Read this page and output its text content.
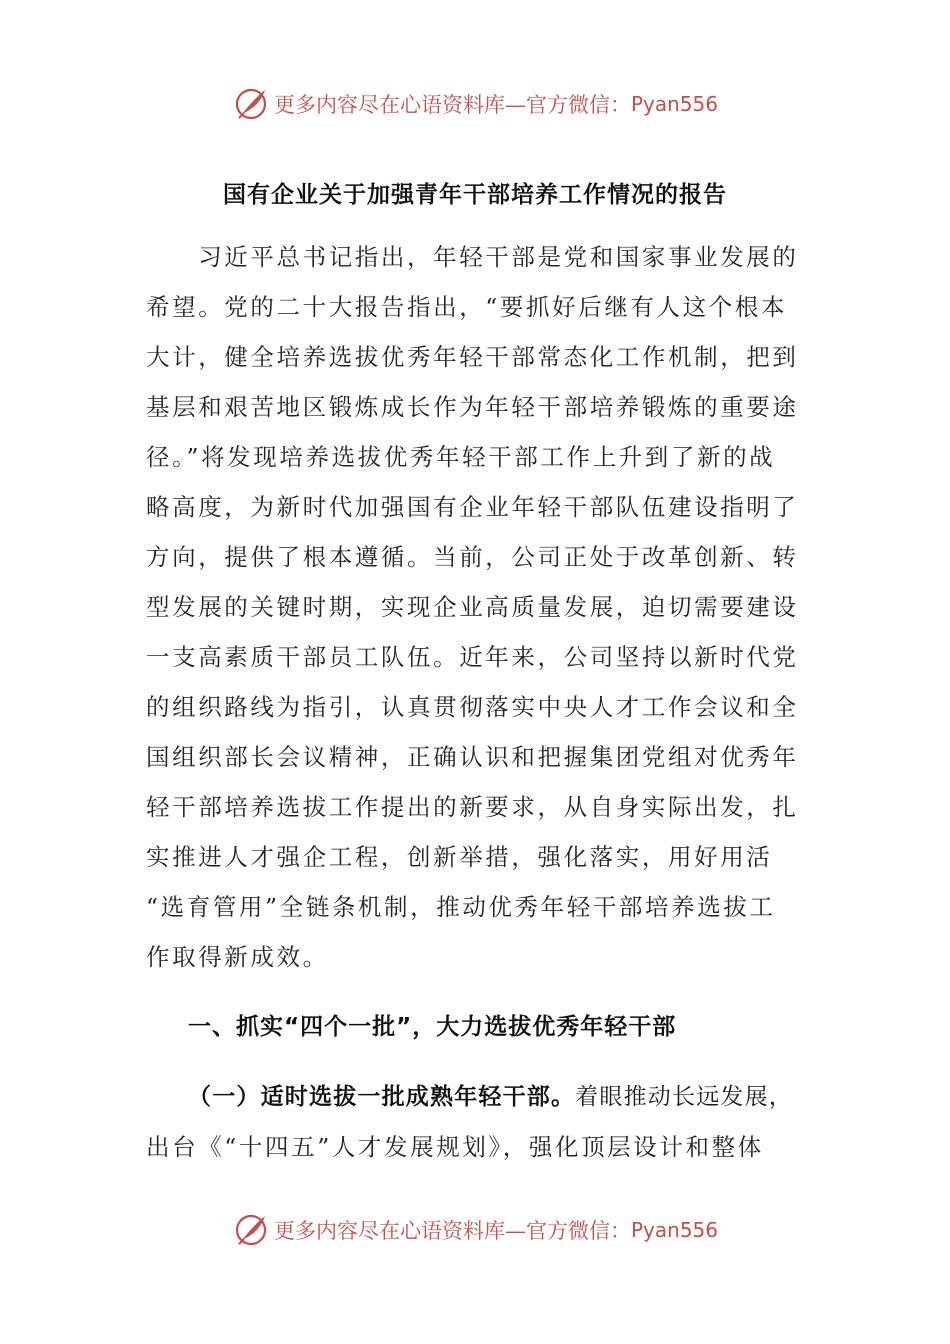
更多内容尽在心语资料库—官方微信： Pyan556
国有企业关于加强青年干部培养工作情况的报告
　　习近平总书记指出，年轻干部是党和国家事业发展的
希望。党的二十大报告指出，“要抓好后继有人这个根本
大计，健全培养选拔优秀年轻干部常态化工作机制，把到
基层和艰苦地区锻炼成长作为年轻干部培养锻炼的重要途
径。”将发现培养选拔优秀年轻干部工作上升到了新的战
略高度，为新时代加强国有企业年轻干部队伍建设指明了
方向，提供了根本遵循。当前，公司正处于改革创新、转
型发展的关键时期，实现企业高质量发展，迫切需要建设
一支高素质干部员工队伍。近年来，公司坚持以新时代党
的组织路线为指引，认真贯彻落实中央人才工作会议和全
国组织部长会议精神，正确认识和把握集团党组对优秀年
轻干部培养选拔工作提出的新要求，从自身实际出发，扎
实推进人才强企工程，创新举措，强化落实，用好用活
“选育管用”全链条机制，推动优秀年轻干部培养选拔工
作取得新成效。
一、抓实“四个一批”，大力选拔优秀年轻干部
（一）适时选拔一批成熟年轻干部。着眼推动长远发展，
出台《“十四五”人才发展规划》，强化顶层设计和整体
更多内容尽在心语资料库—官方微信： Pyan556
